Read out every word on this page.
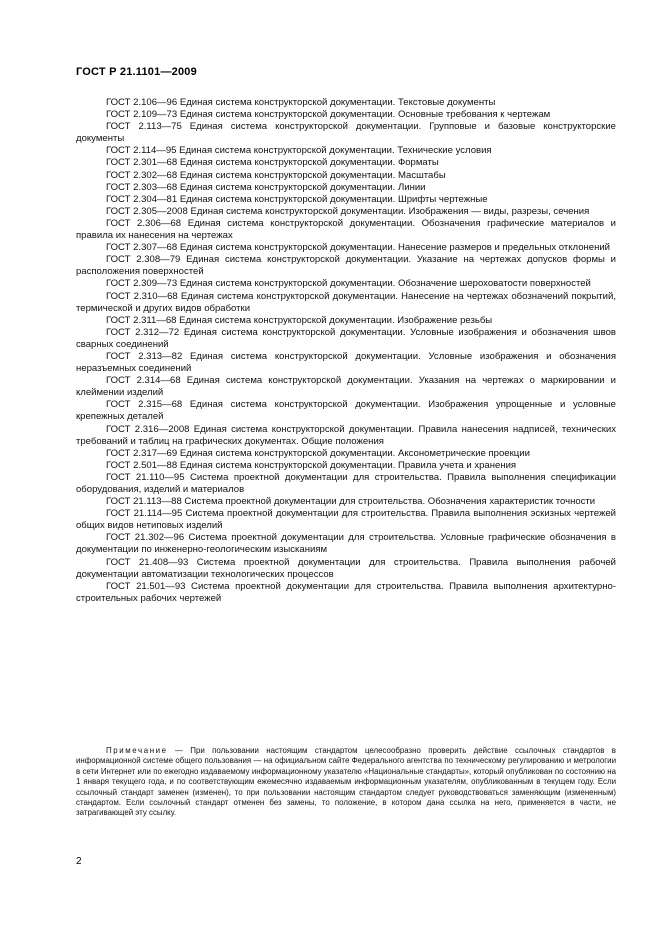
ГОСТ Р 21.1101—2009
ГОСТ 2.106—96 Единая система конструкторской документации. Текстовые документы
ГОСТ 2.109—73 Единая система конструкторской документации. Основные требования к чертежам
ГОСТ 2.113—75 Единая система конструкторской документации. Групповые и базовые конструкторские документы
ГОСТ 2.114—95 Единая система конструкторской документации. Технические условия
ГОСТ 2.301—68 Единая система конструкторской документации. Форматы
ГОСТ 2.302—68 Единая система конструкторской документации. Масштабы
ГОСТ 2.303—68 Единая система конструкторской документации. Линии
ГОСТ 2.304—81 Единая система конструкторской документации. Шрифты чертежные
ГОСТ 2.305—2008 Единая система конструкторской документации. Изображения — виды, разрезы, сечения
ГОСТ 2.306—68 Единая система конструкторской документации. Обозначения графические материалов и правила их нанесения на чертежах
ГОСТ 2.307—68 Единая система конструкторской документации. Нанесение размеров и предельных отклонений
ГОСТ 2.308—79 Единая система конструкторской документации. Указание на чертежах допусков формы и расположения поверхностей
ГОСТ 2.309—73 Единая система конструкторской документации. Обозначение шероховатости поверхностей
ГОСТ 2.310—68 Единая система конструкторской документации. Нанесение на чертежах обозначений покрытий, термической и других видов обработки
ГОСТ 2.311—68 Единая система конструкторской документации. Изображение резьбы
ГОСТ 2.312—72 Единая система конструкторской документации. Условные изображения и обозначения швов сварных соединений
ГОСТ 2.313—82 Единая система конструкторской документации. Условные изображения и обозначения неразъемных соединений
ГОСТ 2.314—68 Единая система конструкторской документации. Указания на чертежах о маркировании и клеймении изделий
ГОСТ 2.315—68 Единая система конструкторской документации. Изображения упрощенные и условные крепежных деталей
ГОСТ 2.316—2008 Единая система конструкторской документации. Правила нанесения надписей, технических требований и таблиц на графических документах. Общие положения
ГОСТ 2.317—69 Единая система конструкторской документации. Аксонометрические проекции
ГОСТ 2.501—88 Единая система конструкторской документации. Правила учета и хранения
ГОСТ 21.110—95 Система проектной документации для строительства. Правила выполнения спецификации оборудования, изделий и материалов
ГОСТ 21.113—88 Система проектной документации для строительства. Обозначения характеристик точности
ГОСТ 21.114—95 Система проектной документации для строительства. Правила выполнения эскизных чертежей общих видов нетиповых изделий
ГОСТ 21.302—96 Система проектной документации для строительства. Условные графические обозначения в документации по инженерно-геологическим изысканиям
ГОСТ 21.408—93 Система проектной документации для строительства. Правила выполнения рабочей документации автоматизации технологических процессов
ГОСТ 21.501—93 Система проектной документации для строительства. Правила выполнения архитектурно-строительных рабочих чертежей
Примечание — При пользовании настоящим стандартом целесообразно проверить действие ссылочных стандартов в информационной системе общего пользования — на официальном сайте Федерального агентства по техническому регулированию и метрологии в сети Интернет или по ежегодно издаваемому информационному указателю «Национальные стандарты», который опубликован по состоянию на 1 января текущего года, и по соответствующим ежемесячно издаваемым информационным указателям, опубликованным в текущем году. Если ссылочный стандарт заменен (изменен), то при пользовании настоящим стандартом следует руководствоваться заменяющим (измененным) стандартом. Если ссылочный стандарт отменен без замены, то положение, в котором дана ссылка на него, применяется в части, не затрагивающей эту ссылку.
2
